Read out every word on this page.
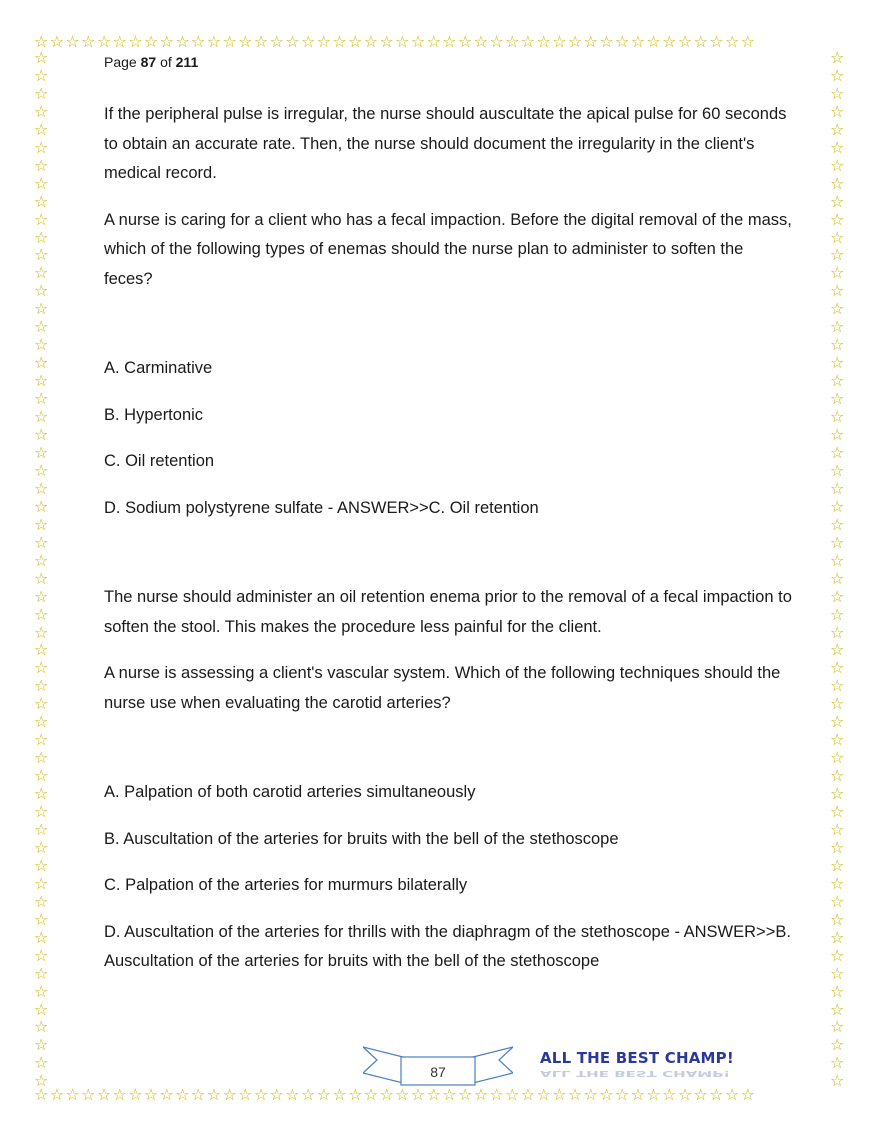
☆☆☆☆☆☆☆☆☆☆☆☆☆☆☆☆☆☆☆☆☆☆☆☆☆☆☆☆☆☆☆☆☆☆☆☆☆☆☆☆☆☆☆☆☆☆
☆☆☆☆☆☆☆☆☆☆☆☆☆☆☆☆☆☆☆☆☆☆☆☆☆☆☆☆☆☆☆☆☆☆☆☆☆☆☆☆☆☆☆☆☆☆
☆
☆
☆
☆
☆
☆
☆
☆
☆
☆
☆
☆
☆
☆
☆
☆
☆
☆
☆
☆
☆
☆
☆
☆
☆
☆
☆
☆
☆
☆
☆
☆
☆
☆
☆
☆
☆
☆
☆
☆
☆
☆
☆
☆
☆
☆
☆
☆
☆
☆
☆
☆
☆
☆
☆
☆
☆
☆
☆
☆
☆
☆
☆
☆
☆
☆
☆
☆
☆
☆
☆
☆
☆
☆
☆
☆
☆
☆
☆
☆
☆
☆
☆
☆
☆
☆
☆
☆
☆
☆
☆
☆
☆
☆
☆
☆
☆
☆
☆
☆
☆
☆
☆
☆
☆
☆
☆
☆
☆
☆
☆
☆
☆
☆
☆
☆
Page 87 of 211

If the peripheral pulse is irregular, the nurse should auscultate the apical pulse for 60 seconds to obtain an accurate rate. Then, the nurse should document the irregularity in the client's medical record.

A nurse is caring for a client who has a fecal impaction. Before the digital removal of the mass, which of the following types of enemas should the nurse plan to administer to soften the feces?

A. Carminative

B. Hypertonic

C. Oil retention

D. Sodium polystyrene sulfate - ANSWER>>C. Oil retention

The nurse should administer an oil retention enema prior to the removal of a fecal impaction to soften the stool. This makes the procedure less painful for the client.

A nurse is assessing a client's vascular system. Which of the following techniques should the nurse use when evaluating the carotid arteries?

A. Palpation of both carotid arteries simultaneously

B. Auscultation of the arteries for bruits with the bell of the stethoscope

C. Palpation of the arteries for murmurs bilaterally

D. Auscultation of the arteries for thrills with the diaphragm of the stethoscope - ANSWER>>B. Auscultation of the arteries for bruits with the bell of the stethoscope

87
ALL THE BEST CHAMP!
ALL THE BEST CHAMP!
